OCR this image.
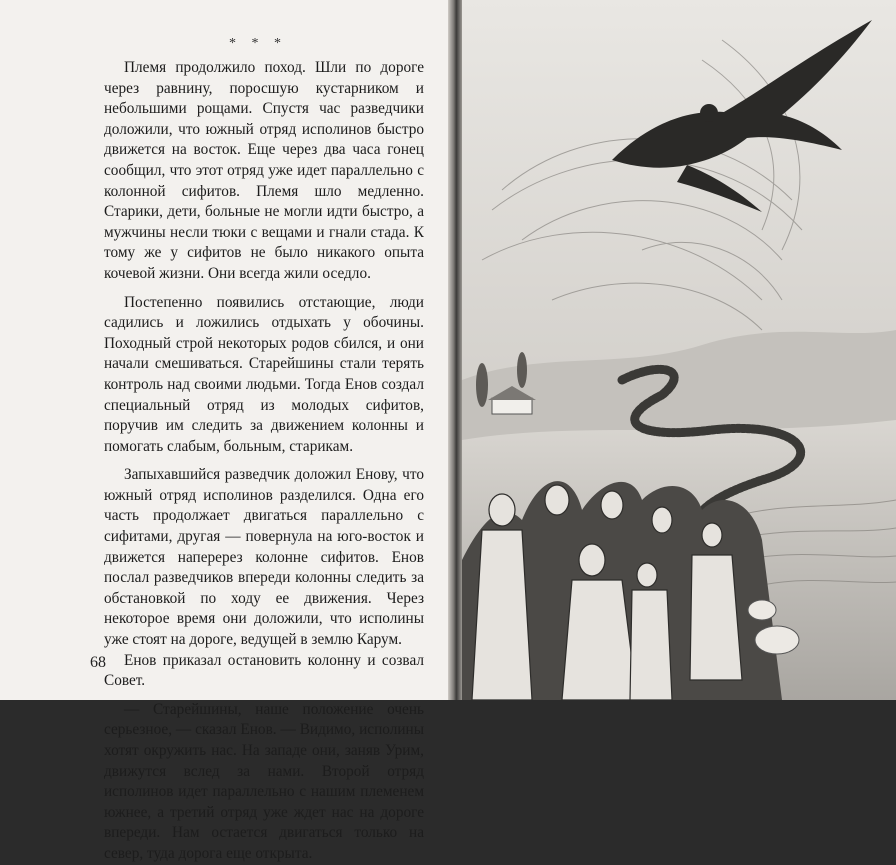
* * *

Племя продолжило поход. Шли по дороге через равнину, поросшую кустарником и небольшими рощами. Спустя час разведчики доложили, что южный отряд исполинов быстро движется на восток. Еще через два часа гонец сообщил, что этот отряд уже идет параллельно с колонной сифитов. Племя шло медленно. Старики, дети, больные не могли идти быстро, а мужчины несли тюки с вещами и гнали стада. К тому же у сифитов не было никакого опыта кочевой жизни. Они всегда жили оседло.

Постепенно появились отстающие, люди садились и ложились отдыхать у обочины. Походный строй некоторых родов сбился, и они начали смешиваться. Старейшины стали терять контроль над своими людьми. Тогда Енов создал специальный отряд из молодых сифитов, поручив им следить за движением колонны и помогать слабым, больным, старикам.

Запыхавшийся разведчик доложил Енову, что южный отряд исполинов разделился. Одна его часть продолжает двигаться параллельно с сифитами, другая — повернула на юго-восток и движется наперерез колонне сифитов. Енов послал разведчиков впереди колонны следить за обстановкой по ходу ее движения. Через некоторое время они доложили, что исполины уже стоят на дороге, ведущей в землю Карум.

Енов приказал остановить колонну и созвал Совет.

— Старейшины, наше положение очень серьезное, — сказал Енов. — Видимо, исполины хотят окружить нас. На западе они, заняв Урим, движутся вслед за нами. Второй отряд исполинов идет параллельно с нашим племенем южнее, а третий отряд уже ждет нас на дороге впереди. Нам остается двигаться только на север, туда дорога еще открыта.

68
